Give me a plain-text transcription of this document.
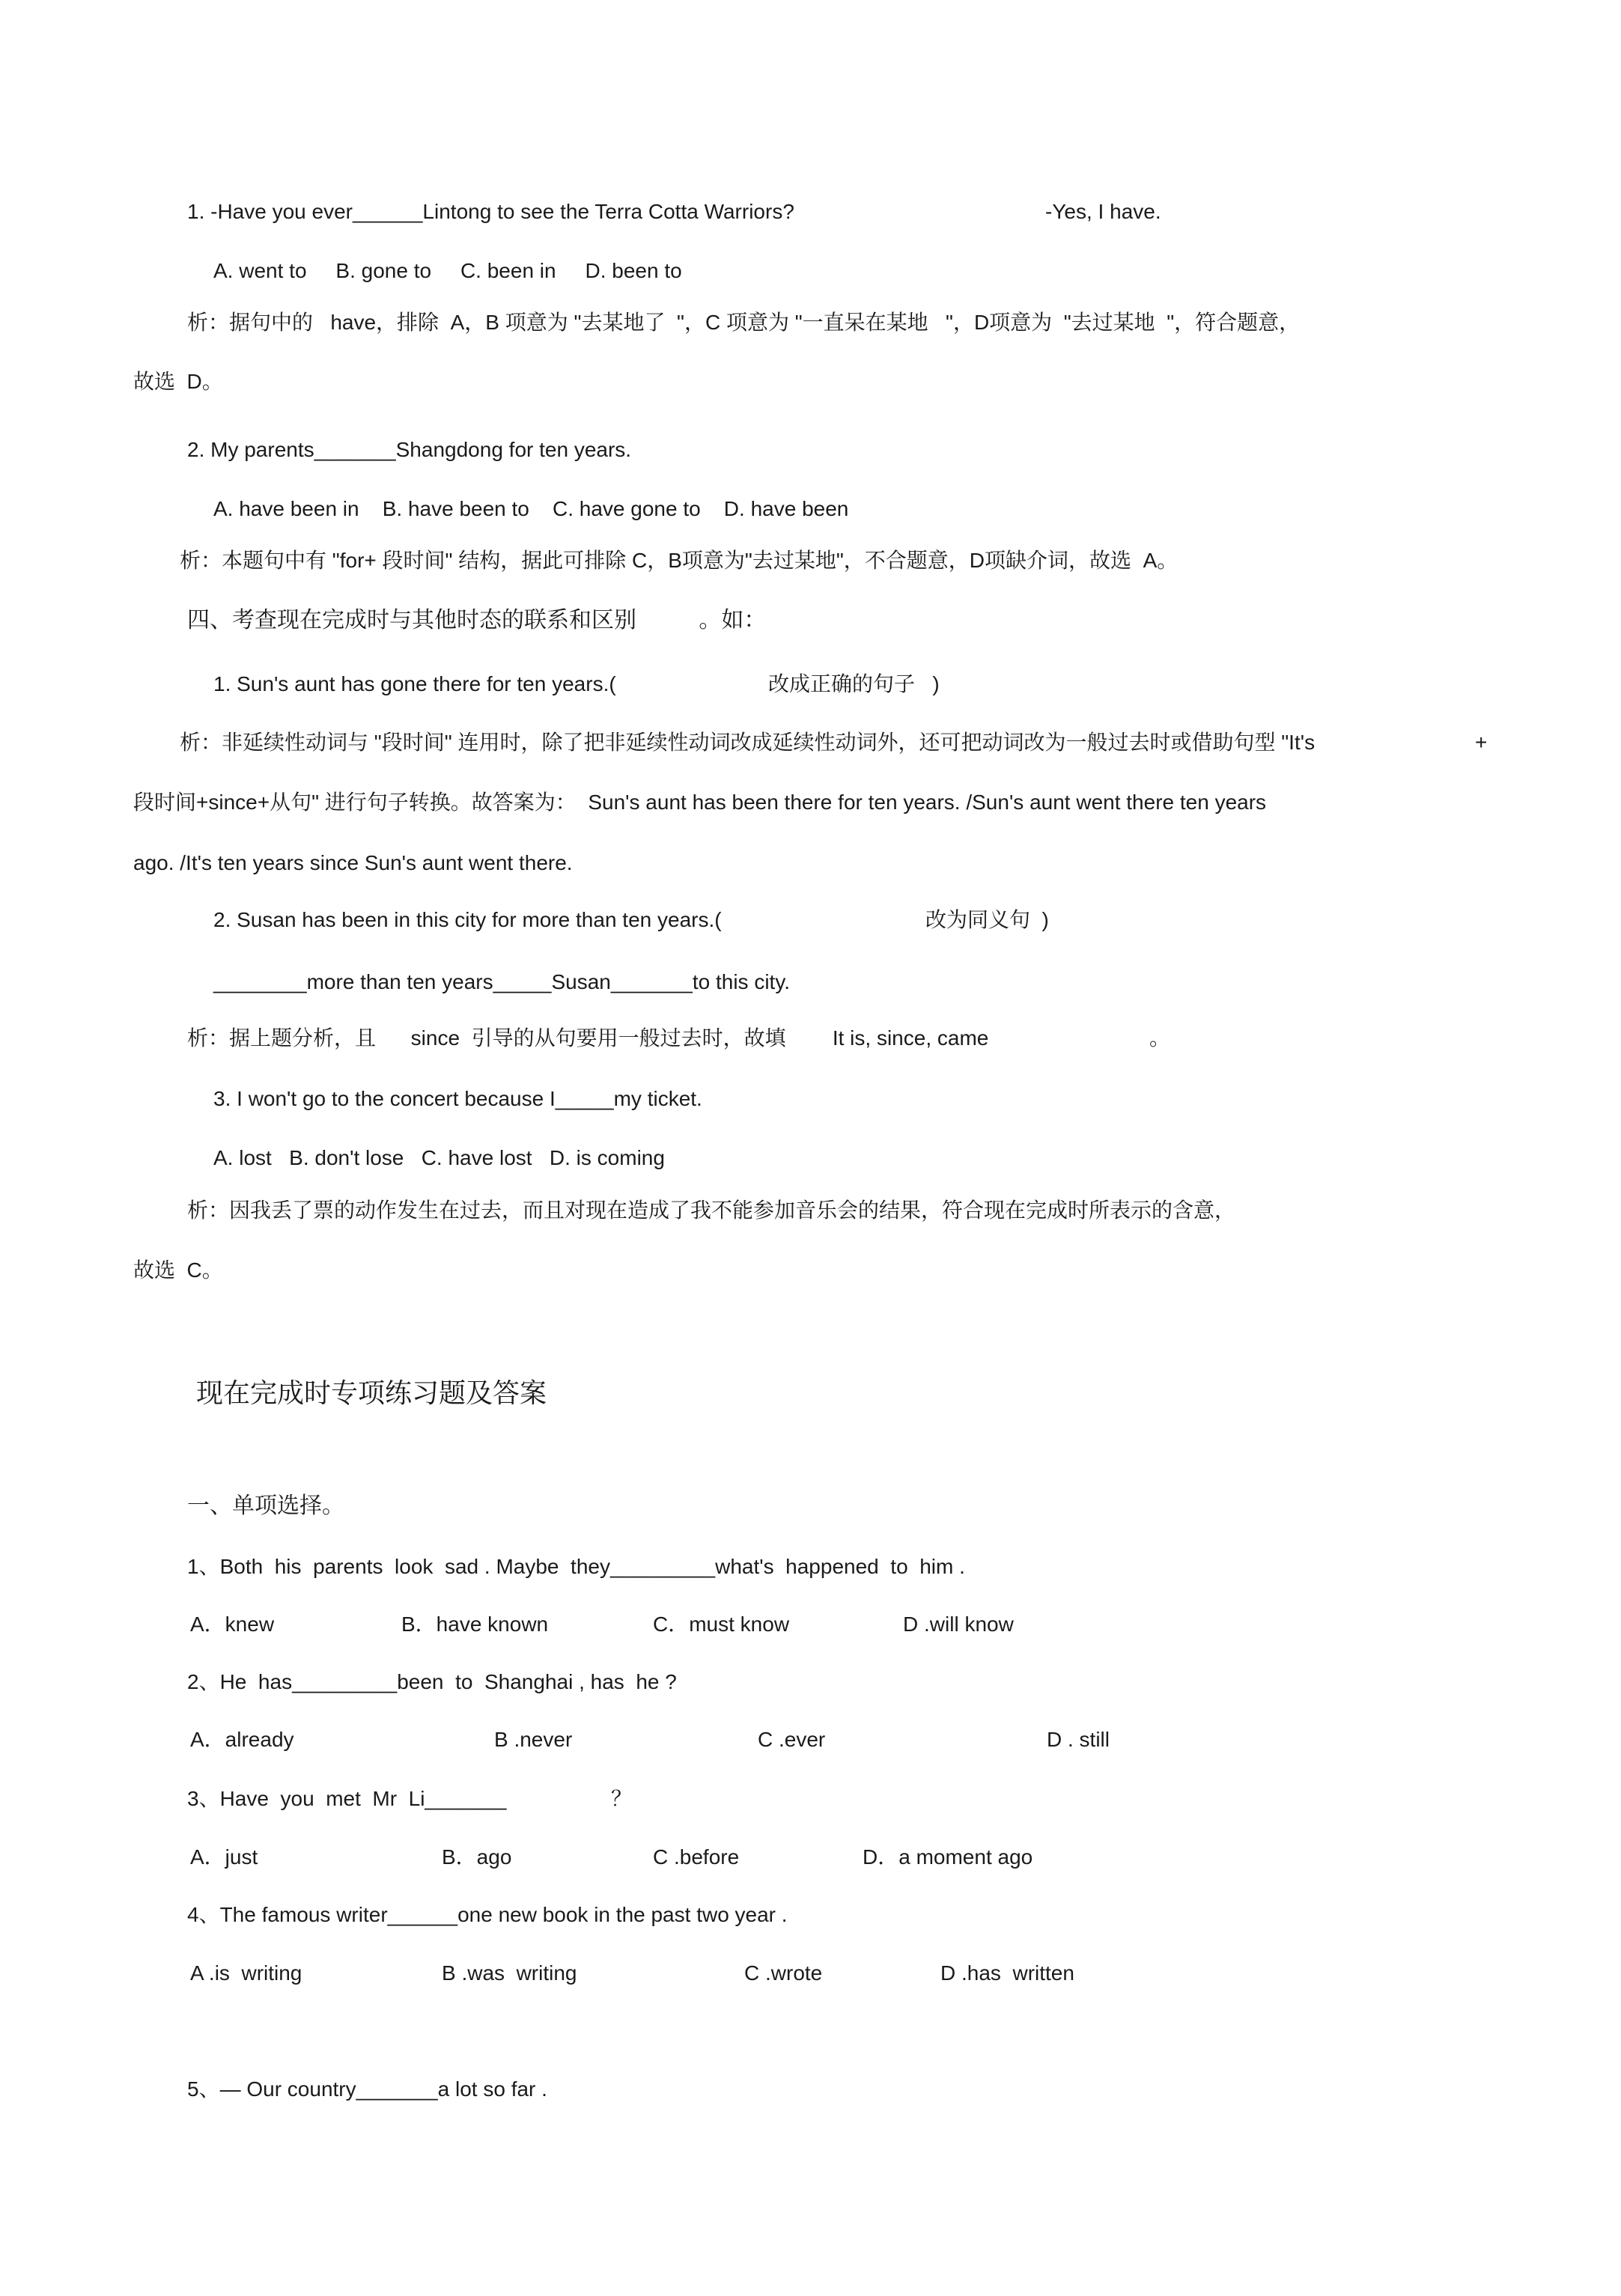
1. -Have you ever______Lintong to see the Terra Cotta Warriors?	-Yes, I have.
A. went to     B. gone to     C. been in     D. been to
析：据句中的   have，排除  A，B 项意为 "去某地了  "，C 项意为 "一直呆在某地   "，D项意为  "去过某地  "，符合题意，
故选  D。
2. My parents_______Shangdong for ten years.
A. have been in    B. have been to    C. have gone to    D. have been
析：本题句中有 "for+ 段时间" 结构，据此可排除 C，B项意为"去过某地"，不合题意，D项缺介词，故选  A。
四、考查现在完成时与其他时态的联系和区别          。如：
1. Sun's aunt has gone there for ten years.(	改成正确的句子   )
析：非延续性动词与 "段时间" 连用时，除了把非延续性动词改成延续性动词外，还可把动词改为一般过去时或借助句型 "It's	+
段时间+since+从句" 进行句子转换。故答案为：  Sun's aunt has been there for ten years. /Sun's aunt went there ten years
ago. /It's ten years since Sun's aunt went there.
2. Susan has been in this city for more than ten years.(	改为同义句  )
________more than ten years_____Susan_______to this city.
析：据上题分析，且      since  引导的从句要用一般过去时，故填        It is, since, came	。
3. I won't go to the concert because I_____my ticket.
A. lost   B. don't lose   C. have lost   D. is coming
析：因我丢了票的动作发生在过去，而且对现在造成了我不能参加音乐会的结果，符合现在完成时所表示的含意，
故选  C。
现在完成时专项练习题及答案
一、单项选择。
1、Both  his  parents  look  sad . Maybe  they_________what's  happened  to  him .
A．knew	B．have known	C．must know	D .will know
2、He  has_________been  to  Shanghai , has  he ?
A．already	B .never	C .ever	D . still
3、Have  you  met  Mr  Li_______	？
A．just	B．ago	C .before	D．a moment ago
4、The famous writer______one new book in the past two year .
A .is  writing	B .was  writing	C .wrote	D .has  written
5、— Our country_______a lot so far .
